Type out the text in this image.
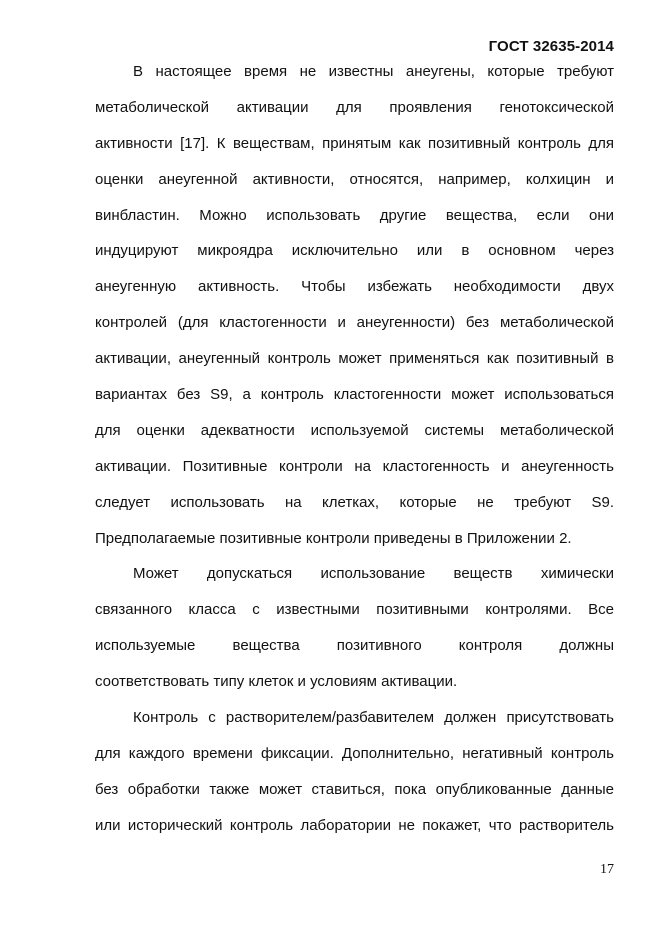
ГОСТ 32635-2014
В настоящее время не известны анеугены, которые требуют
метаболической активации для проявления генотоксической
активности [17]. К веществам, принятым как позитивный контроль для
оценки анеугенной активности, относятся, например, колхицин и
винбластин. Можно использовать другие вещества, если они
индуцируют микроядра исключительно или в основном через
анеугенную активность. Чтобы избежать необходимости двух
контролей (для кластогенности и анеугенности) без метаболической
активации, анеугенный контроль может применяться как позитивный в
вариантах без S9, а контроль кластогенности может использоваться
для оценки адекватности используемой системы метаболической
активации. Позитивные контроли на кластогенность и анеугенность
следует использовать на клетках, которые не требуют S9.
Предполагаемые позитивные контроли приведены в Приложении 2.
Может допускаться использование веществ химически
связанного класса с известными позитивными контролями. Все
используемые вещества позитивного контроля должны
соответствовать типу клеток и условиям активации.
Контроль с растворителем/разбавителем должен присутствовать
для каждого времени фиксации. Дополнительно, негативный контроль
без обработки также может ставиться, пока опубликованные данные
или исторический контроль лаборатории не покажет, что растворитель
17
